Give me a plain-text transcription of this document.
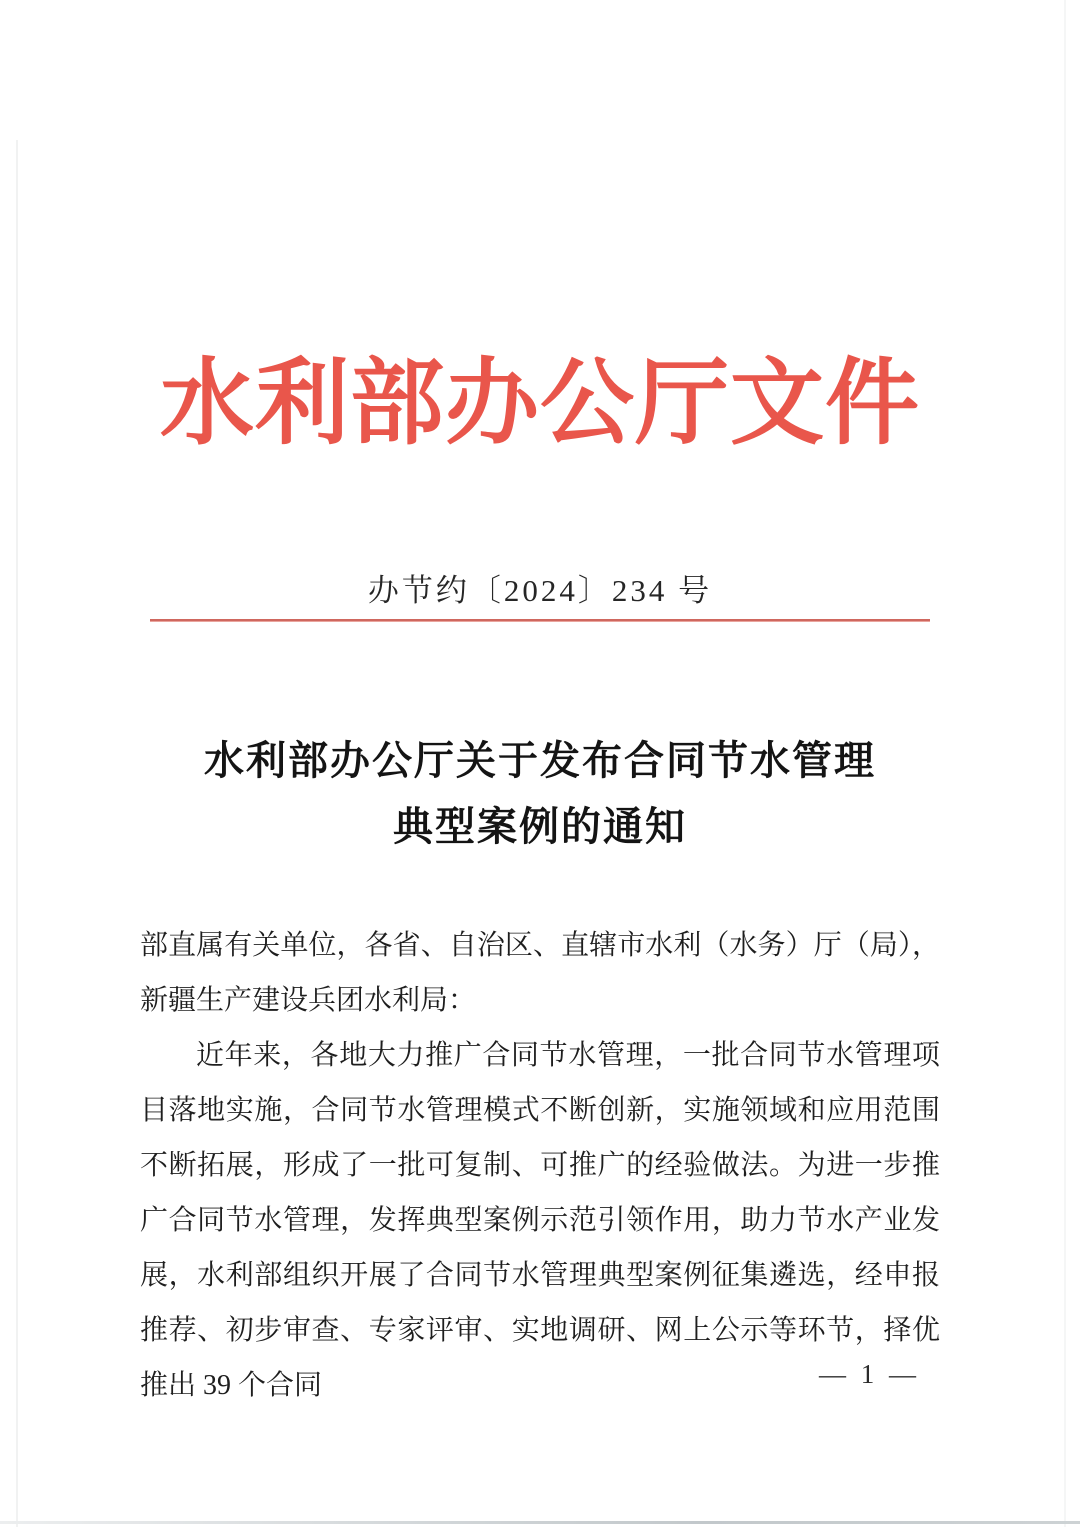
水利部办公厅文件
办节约〔2024〕234 号
水利部办公厅关于发布合同节水管理
典型案例的通知
部直属有关单位，各省、自治区、直辖市水利（水务）厅（局），新疆生产建设兵团水利局：
近年来，各地大力推广合同节水管理，一批合同节水管理项目落地实施，合同节水管理模式不断创新，实施领域和应用范围不断拓展，形成了一批可复制、可推广的经验做法。为进一步推广合同节水管理，发挥典型案例示范引领作用，助力节水产业发展，水利部组织开展了合同节水管理典型案例征集遴选，经申报推荐、初步审查、专家评审、实地调研、网上公示等环节，择优推出 39 个合同	— 1 —
